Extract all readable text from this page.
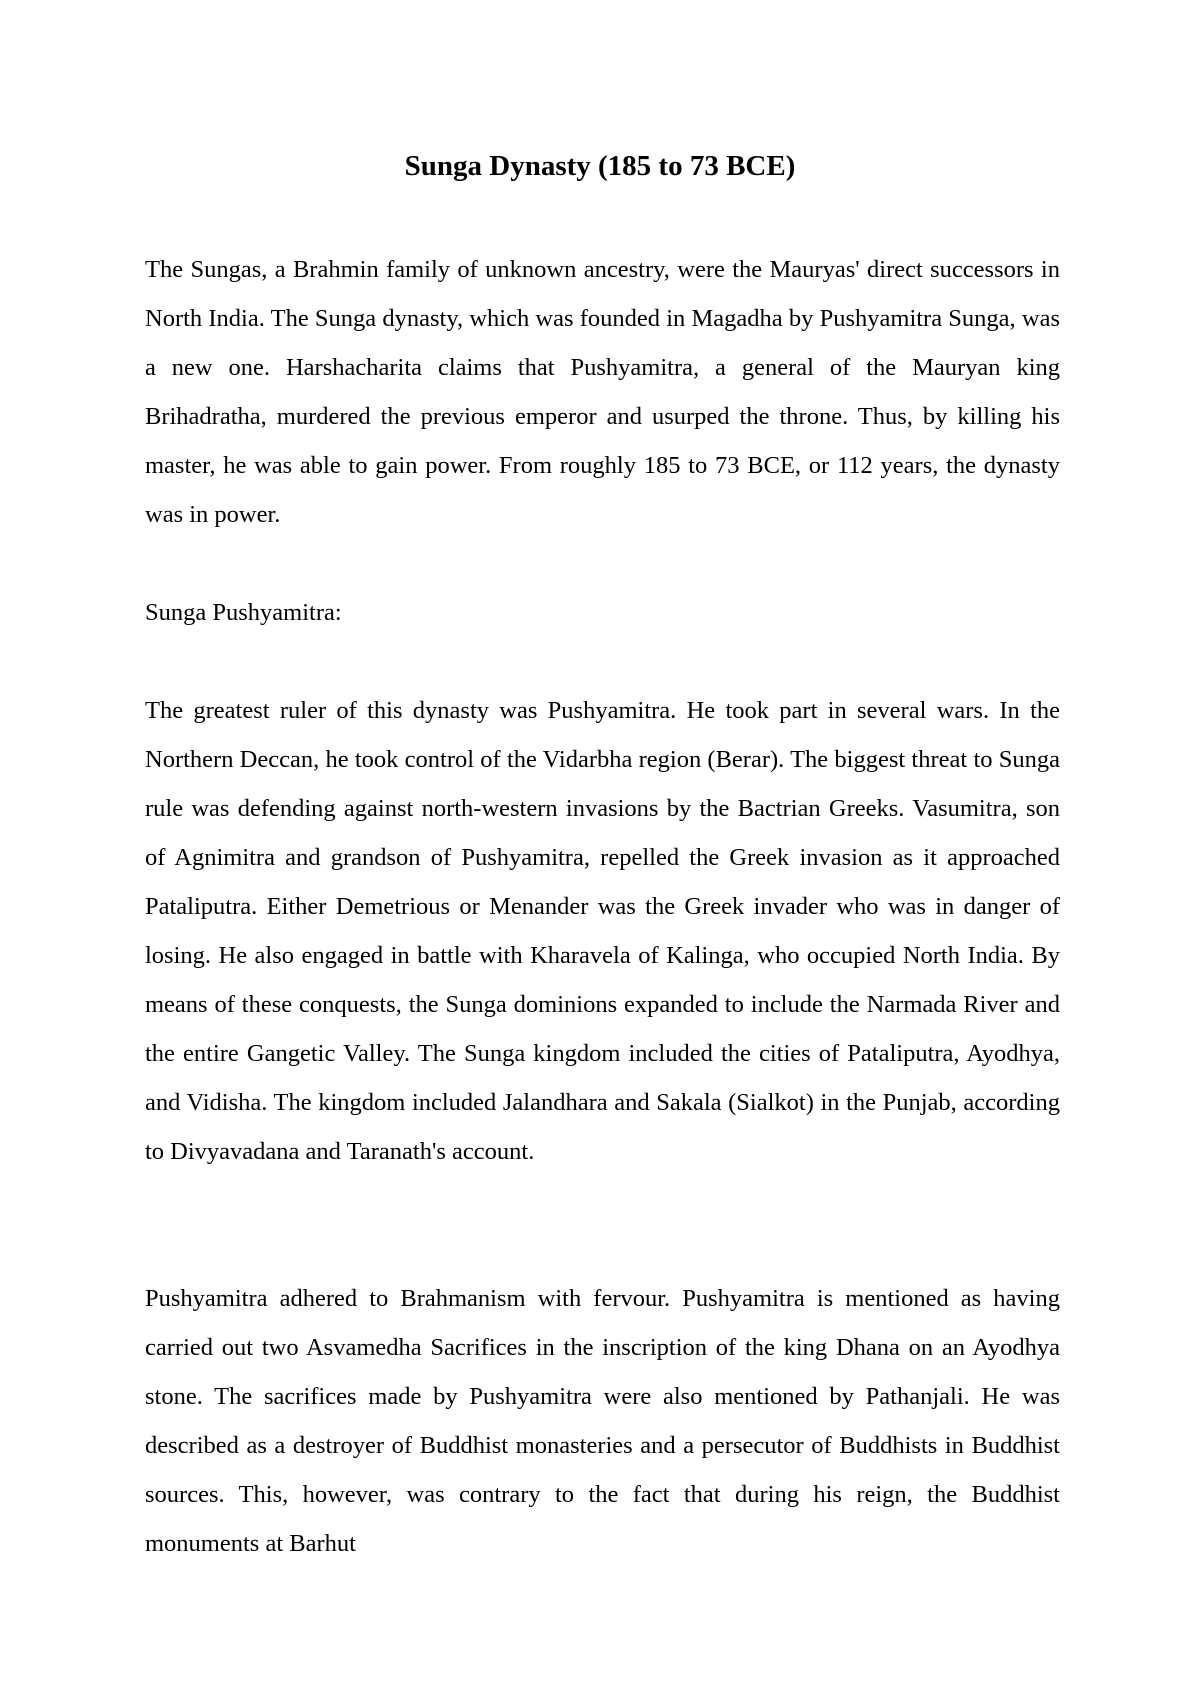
Sunga Dynasty (185 to 73 BCE)

The Sungas, a Brahmin family of unknown ancestry, were the Mauryas' direct successors in North India. The Sunga dynasty, which was founded in Magadha by Pushyamitra Sunga, was a new one. Harshacharita claims that Pushyamitra, a general of the Mauryan king Brihadratha, murdered the previous emperor and usurped the throne. Thus, by killing his master, he was able to gain power. From roughly 185 to 73 BCE, or 112 years, the dynasty was in power.

Sunga Pushyamitra:

The greatest ruler of this dynasty was Pushyamitra. He took part in several wars. In the Northern Deccan, he took control of the Vidarbha region (Berar). The biggest threat to Sunga rule was defending against north-western invasions by the Bactrian Greeks. Vasumitra, son of Agnimitra and grandson of Pushyamitra, repelled the Greek invasion as it approached Pataliputra. Either Demetrious or Menander was the Greek invader who was in danger of losing. He also engaged in battle with Kharavela of Kalinga, who occupied North India. By means of these conquests, the Sunga dominions expanded to include the Narmada River and the entire Gangetic Valley. The Sunga kingdom included the cities of Pataliputra, Ayodhya, and Vidisha. The kingdom included Jalandhara and Sakala (Sialkot) in the Punjab, according to Divyavadana and Taranath's account.

Pushyamitra adhered to Brahmanism with fervour. Pushyamitra is mentioned as having carried out two Asvamedha Sacrifices in the inscription of the king Dhana on an Ayodhya stone. The sacrifices made by Pushyamitra were also mentioned by Pathanjali. He was described as a destroyer of Buddhist monasteries and a persecutor of Buddhists in Buddhist sources. This, however, was contrary to the fact that during his reign, the Buddhist monuments at Barhut
